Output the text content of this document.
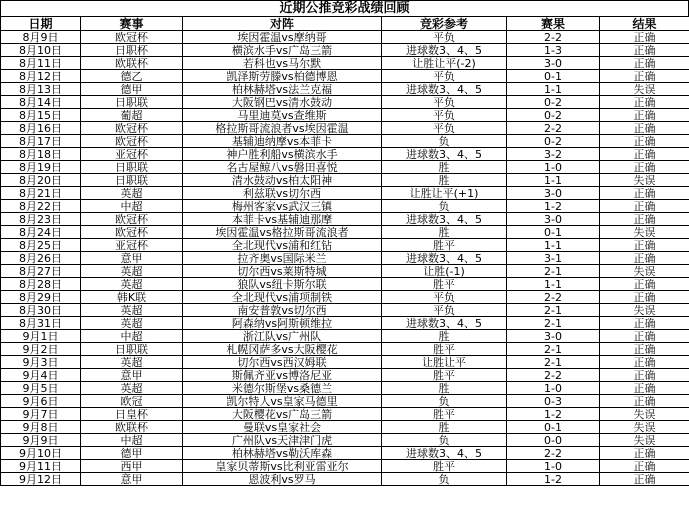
近期公推竞彩战绩回顾
日期	赛事	对阵	竞彩参考	赛果	结果
8月9日	欧冠杯	埃因霍温vs摩纳哥	平负	2-2	正确
8月10日	日职杯	横滨水手vs广岛三箭	进球数3、4、5	1-3	正确
8月11日	欧联杯	若科也vs马尔默	让胜让平(-2)	3-0	正确
8月12日	德乙	凯泽斯劳滕vs柏德博恩	平负	0-1	正确
8月13日	德甲	柏林赫塔vs法兰克福	进球数3、4、5	1-1	失误
8月14日	日职联	大阪钢巴vs清水鼓动	平负	0-2	正确
8月15日	葡超	马里迪莫vs查维斯	平负	0-2	正确
8月16日	欧冠杯	格拉斯哥流浪者vs埃因霍温	平负	2-2	正确
8月17日	欧冠杯	基辅迪纳摩vs本菲卡	负	0-2	正确
8月18日	亚冠杯	神户胜利船vs横滨水手	进球数3、4、5	3-2	正确
8月19日	日职联	名古屋鲸八vs磐田喜悦	胜	1-0	正确
8月20日	日职联	清水鼓动vs柏太阳神	胜	1-1	失误
8月21日	英超	利兹联vs切尔西	让胜让平(+1)	3-0	正确
8月22日	中超	梅州客家vs武汉三镇	负	1-2	正确
8月23日	欧冠杯	本菲卡vs基辅迪那摩	进球数3、4、5	3-0	正确
8月24日	欧冠杯	埃因霍温vs格拉斯哥流浪者	胜	0-1	失误
8月25日	亚冠杯	全北现代vs浦和红钻	胜平	1-1	正确
8月26日	意甲	拉齐奥vs国际米兰	进球数3、4、5	3-1	正确
8月27日	英超	切尔西vs莱斯特城	让胜(-1)	2-1	失误
8月28日	英超	狼队vs纽卡斯尔联	胜平	1-1	正确
8月29日	韩K联	全北现代vs浦项制铁	平负	2-2	正确
8月30日	英超	南安普敦vs切尔西	平负	2-1	失误
8月31日	英超	阿森纳vs阿斯顿维拉	进球数3、4、5	2-1	正确
9月1日	中超	浙江队vs广州队	胜	3-0	正确
9月2日	日职联	札幌冈萨多vs大阪樱花	胜平	2-1	正确
9月3日	英超	切尔西vs西汉姆联	让胜让平	2-1	正确
9月4日	意甲	斯佩齐亚vs博洛尼亚	胜平	2-2	正确
9月5日	英超	米德尔斯堡vs桑德兰	胜	1-0	正确
9月6日	欧冠	凯尔特人vs皇家马德里	负	0-3	正确
9月7日	日皇杯	大阪樱花vs广岛三箭	胜平	1-2	失误
9月8日	欧联杯	曼联vs皇家社会	胜	0-1	失误
9月9日	中超	广州队vs天津津门虎	负	0-0	失误
9月10日	德甲	柏林赫塔vs勒沃库森	进球数3、4、5	2-2	正确
9月11日	西甲	皇家贝蒂斯vs比利亚雷亚尔	胜平	1-0	正确
9月12日	意甲	恩波利vs罗马	负	1-2	正确
